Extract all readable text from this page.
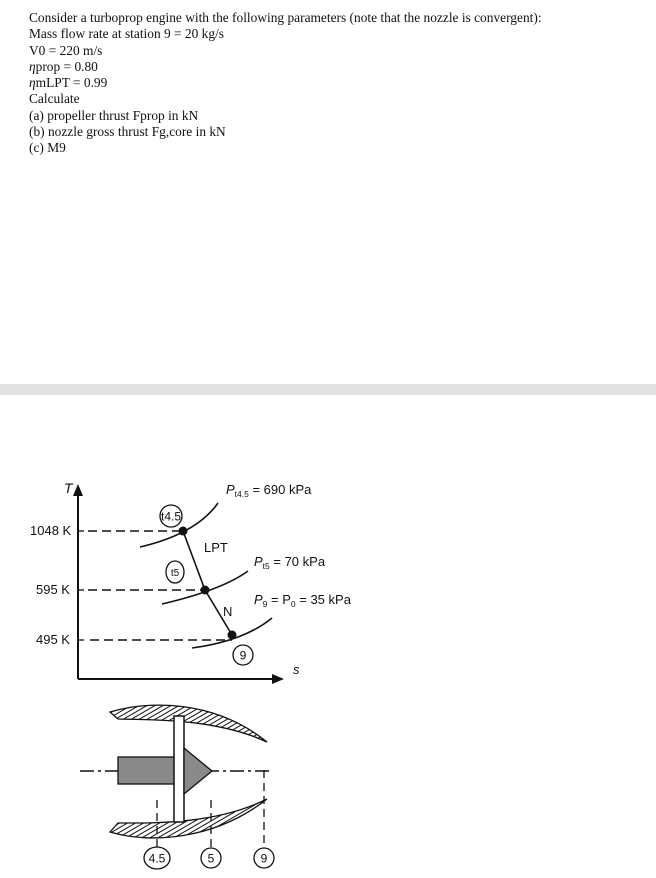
Consider a turboprop engine with the following parameters (note that the nozzle is convergent):
Mass flow rate at station 9 = 20 kg/s
V0 = 220 m/s
ηprop = 0.80
ηmLPT = 0.99
Calculate
(a) propeller thrust Fprop in kN
(b) nozzle gross thrust Fg,core in kN
(c) M9
T
s
1048 K
595 K
495 K
$P_{t4.5} = 690$ kPa
$P_{t5} = 70$ kPa
$P_9 = P_0 = 35$ kPa
LPT
N
t4.5
t5
9
4.5	5	9
